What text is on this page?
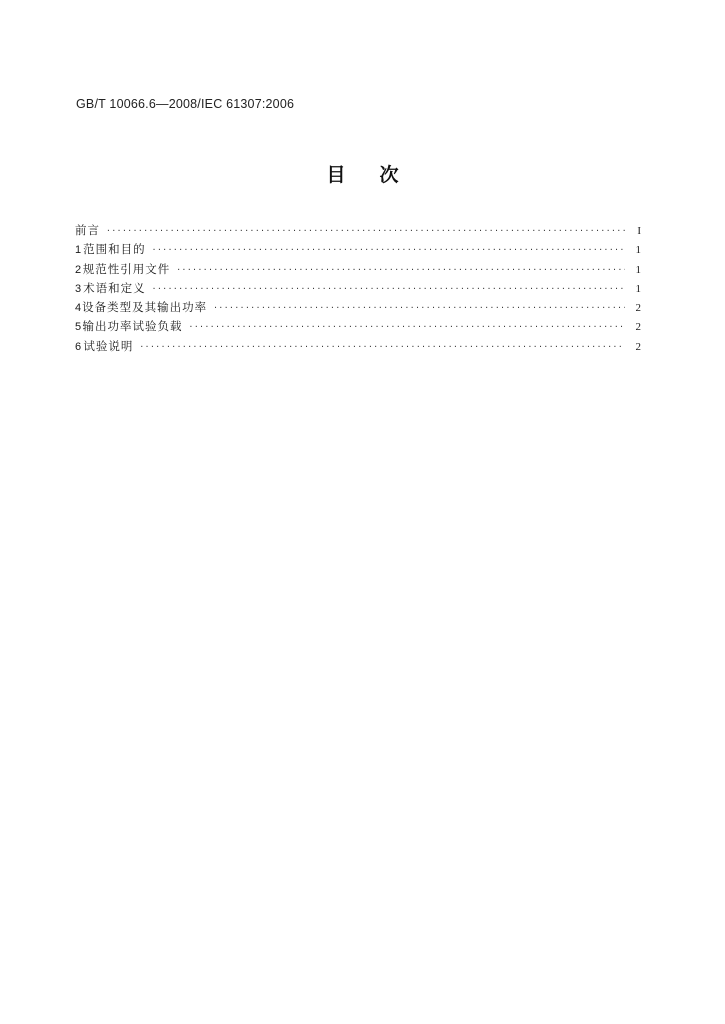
GB/T 10066.6—2008/IEC 61307:2006
目次
前言 ·····	I
1 范围和目的 ·····	1
2 规范性引用文件 ·····	1
3 术语和定义 ·····	1
4 设备类型及其输出功率 ·····	2
5 输出功率试验负载 ·····	2
6 试验说明 ·····	2
